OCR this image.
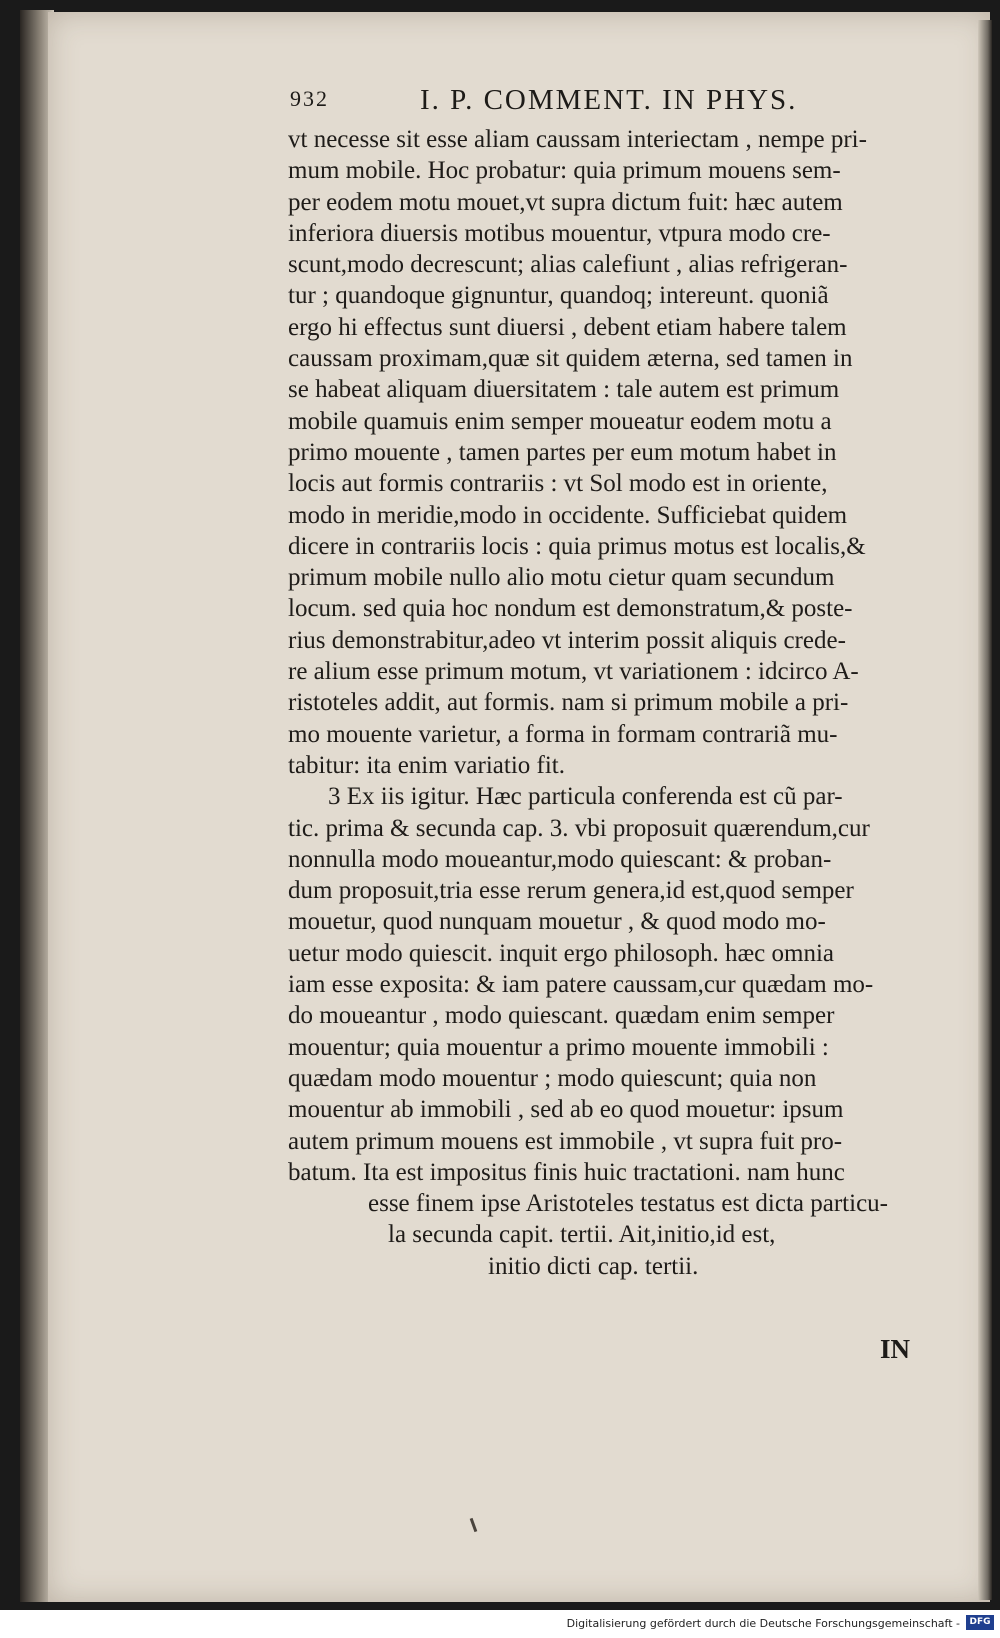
932	I. P. COMMENT. IN PHYS.
vt necesse sit esse aliam caussam interiectam , nempe pri-
mum mobile. Hoc probatur: quia primum mouens sem-
per eodem motu mouet,vt supra dictum fuit: hæc autem
inferiora diuersis motibus mouentur, vtpura modo cre-
scunt,modo decrescunt; alias calefiunt , alias refrigeran-
tur ; quandoque gignuntur, quandoq; intereunt. quoniã
ergo hi effectus sunt diuersi , debent etiam habere talem
caussam proximam,quæ sit quidem æterna, sed tamen in
se habeat aliquam diuersitatem : tale autem est primum
mobile quamuis enim semper moueatur eodem motu a
primo mouente , tamen partes per eum motum habet in
locis aut formis contrariis : vt Sol modo est in oriente,
modo in meridie,modo in occidente. Sufficiebat quidem
dicere in contrariis locis : quia primus motus est localis,&
primum mobile nullo alio motu cietur quam secundum
locum. sed quia hoc nondum est demonstratum,& poste-
rius demonstrabitur,adeo vt interim possit aliquis crede-
re alium esse primum motum, vt variationem : idcirco A-
ristoteles addit, aut formis. nam si primum mobile a pri-
mo mouente varietur, a forma in formam contrariã mu-
tabitur: ita enim variatio fit.
3 Ex iis igitur. Hæc particula conferenda est cũ par-
tic. prima & secunda cap. 3. vbi proposuit quærendum,cur
nonnulla modo moueantur,modo quiescant: & proban-
dum proposuit,tria esse rerum genera,id est,quod semper
mouetur, quod nunquam mouetur , & quod modo mo-
uetur modo quiescit. inquit ergo philosoph. hæc omnia
iam esse exposita: & iam patere caussam,cur quædam mo-
do moueantur , modo quiescant. quædam enim semper
mouentur; quia mouentur a primo mouente immobili :
quædam modo mouentur ; modo quiescunt; quia non
mouentur ab immobili , sed ab eo quod mouetur: ipsum
autem primum mouens est immobile , vt supra fuit pro-
batum. Ita est impositus finis huic tractationi. nam hunc
esse finem ipse Aristoteles testatus est dicta particu-
la secunda capit. tertii. Ait,initio,id est,
initio dicti cap. tertii.
IN
Digitalisierung gefördert durch die Deutsche Forschungsgemeinschaft -	DFG
